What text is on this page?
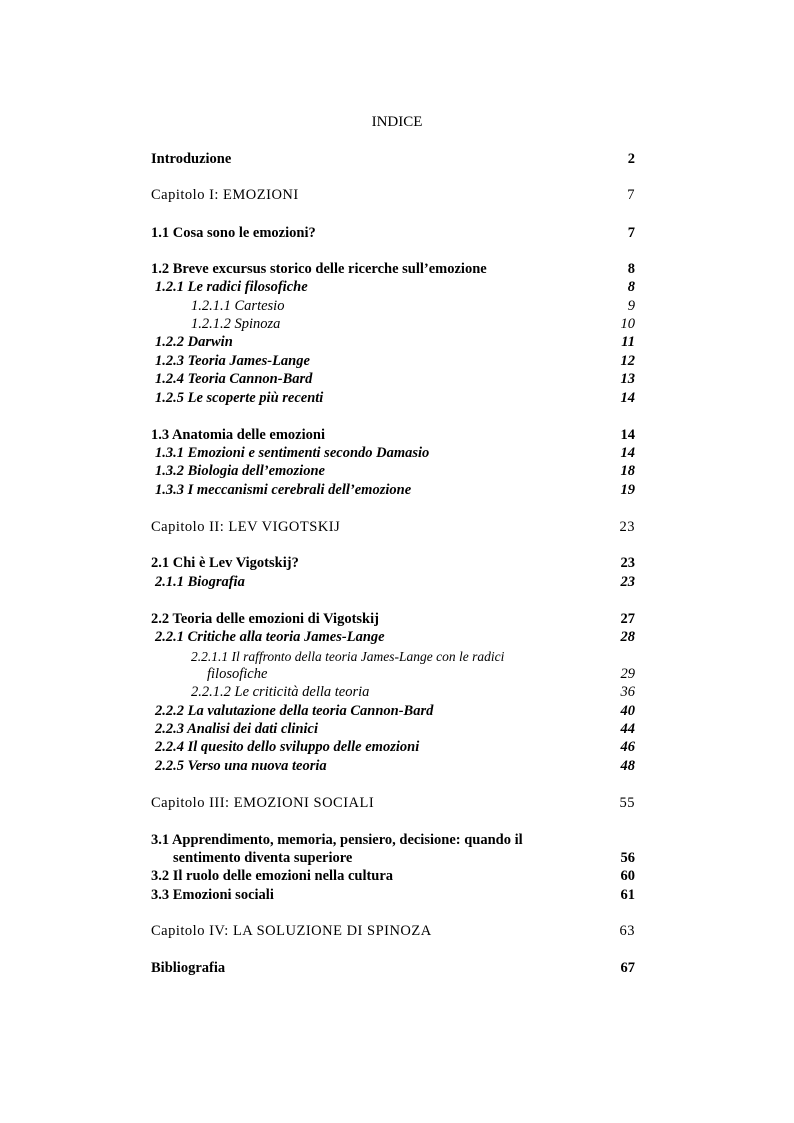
INDICE
Introduzione	2
Capitolo I: EMOZIONI	7
1.1 Cosa sono le emozioni?	7
1.2 Breve excursus storico delle ricerche sull’emozione	8
1.2.1 Le radici filosofiche	8
1.2.1.1 Cartesio	9
1.2.1.2 Spinoza	10
1.2.2 Darwin	11
1.2.3 Teoria James-Lange	12
1.2.4 Teoria Cannon-Bard	13
1.2.5 Le scoperte più recenti	14
1.3 Anatomia delle emozioni	14
1.3.1 Emozioni e sentimenti secondo Damasio	14
1.3.2 Biologia dell’emozione	18
1.3.3 I meccanismi cerebrali dell’emozione	19
Capitolo II: LEV VIGOTSKIJ	23
2.1 Chi è Lev Vigotskij?	23
2.1.1 Biografia	23
2.2 Teoria delle emozioni di Vigotskij	27
2.2.1 Critiche alla teoria James-Lange	28
2.2.1.1 Il raffronto della teoria James-Lange con le radici
filosofiche	29
2.2.1.2 Le criticità della teoria	36
2.2.2 La valutazione della teoria Cannon-Bard	40
2.2.3 Analisi dei dati clinici	44
2.2.4 Il quesito dello sviluppo delle emozioni	46
2.2.5 Verso una nuova teoria	48
Capitolo III: EMOZIONI SOCIALI	55
3.1 Apprendimento, memoria, pensiero, decisione: quando il
sentimento diventa superiore	56
3.2 Il ruolo delle emozioni nella cultura	60
3.3 Emozioni sociali	61
Capitolo IV: LA SOLUZIONE DI SPINOZA	63
Bibliografia	67
